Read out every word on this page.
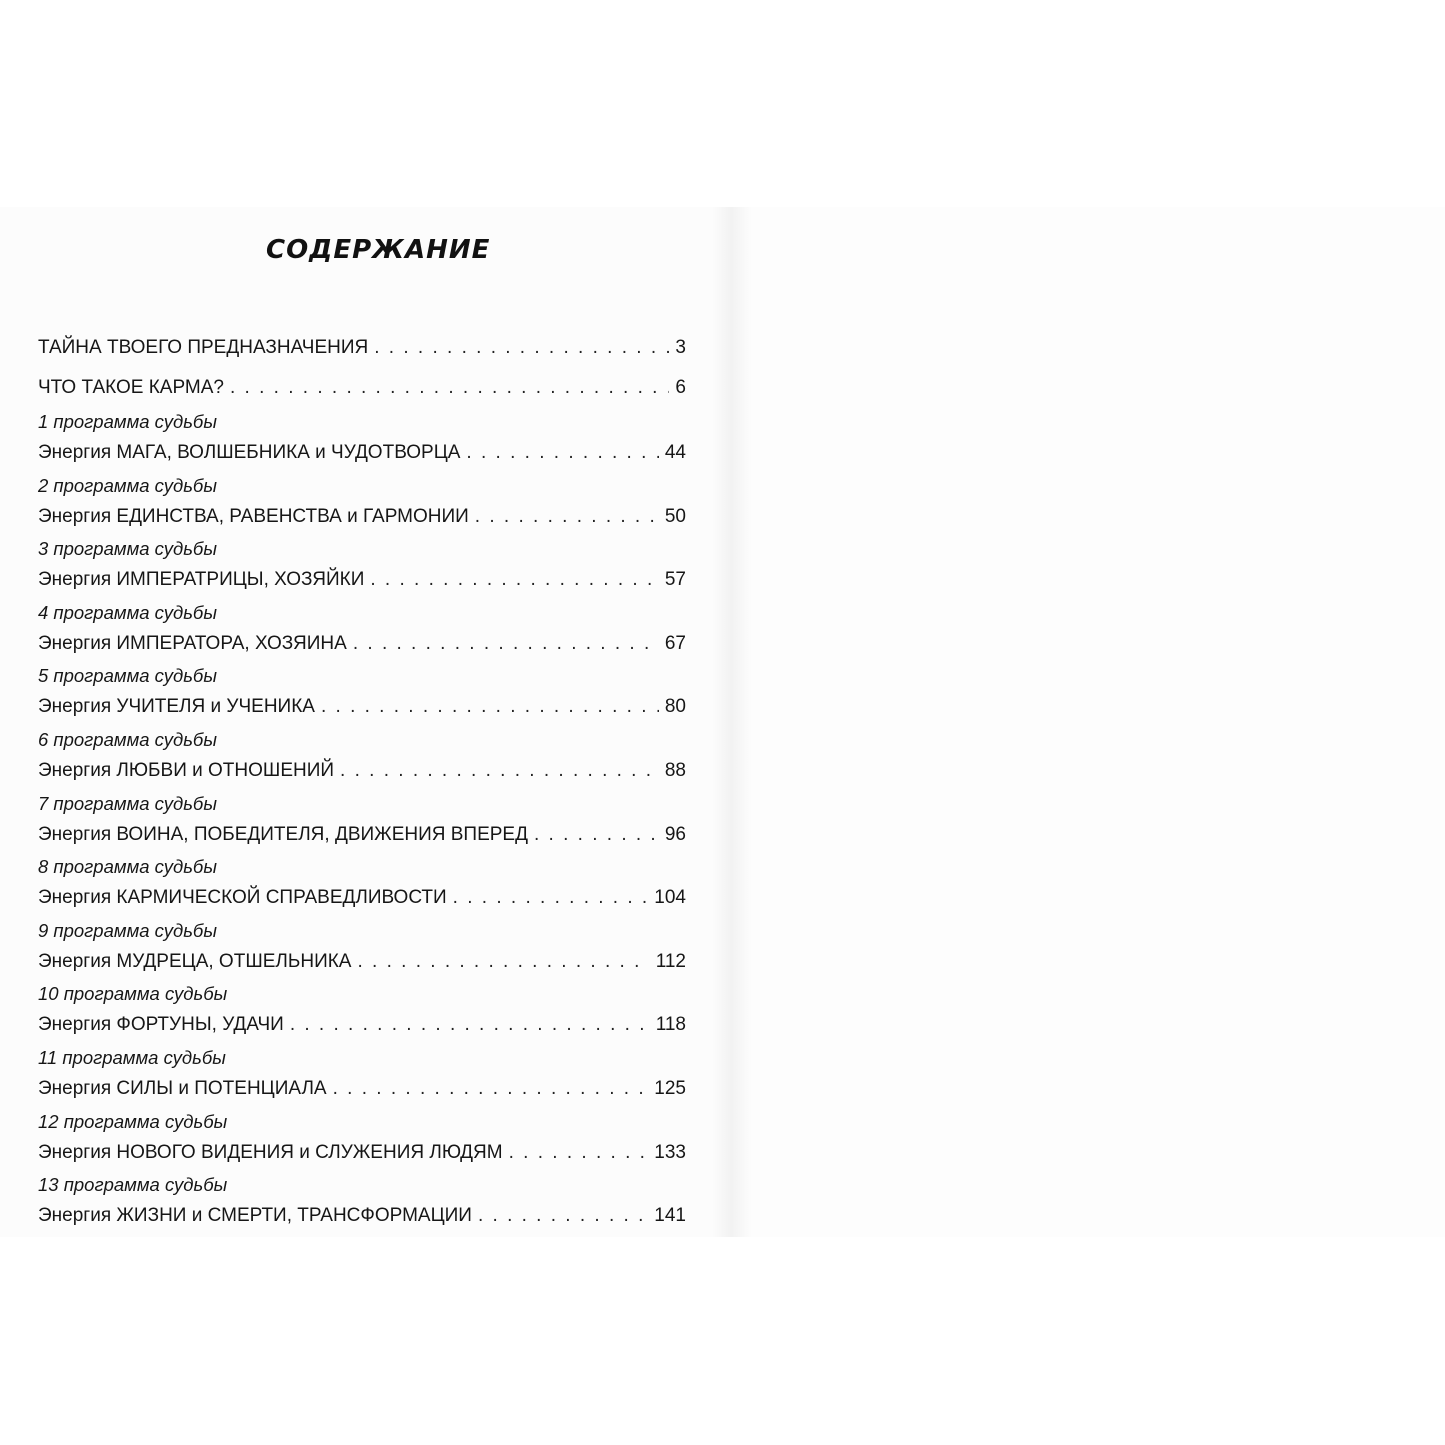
СОДЕРЖАНИЕ
ТАЙНА ТВОЕГО ПРЕДНАЗНАЧЕНИЯ . . .	3
ЧТО ТАКОЕ КАРМА? . . .	6
1 программа судьбы
Энергия МАГА, ВОЛШЕБНИКА и ЧУДОТВОРЦА . . .	44
2 программа судьбы
Энергия ЕДИНСТВА, РАВЕНСТВА и ГАРМОНИИ . . .	50
3 программа судьбы
Энергия ИМПЕРАТРИЦЫ, ХОЗЯЙКИ . . .	57
4 программа судьбы
Энергия ИМПЕРАТОРА, ХОЗЯИНА . . .	67
5 программа судьбы
Энергия УЧИТЕЛЯ и УЧЕНИКА . . .	80
6 программа судьбы
Энергия ЛЮБВИ и ОТНОШЕНИЙ . . .	88
7 программа судьбы
Энергия ВОИНА, ПОБЕДИТЕЛЯ, ДВИЖЕНИЯ ВПЕРЕД . . .	96
8 программа судьбы
Энергия КАРМИЧЕСКОЙ СПРАВЕДЛИВОСТИ . . .	104
9 программа судьбы
Энергия МУДРЕЦА, ОТШЕЛЬНИКА . . .	112
10 программа судьбы
Энергия ФОРТУНЫ, УДАЧИ . . .	118
11 программа судьбы
Энергия СИЛЫ и ПОТЕНЦИАЛА . . .	125
12 программа судьбы
Энергия НОВОГО ВИДЕНИЯ и СЛУЖЕНИЯ ЛЮДЯМ . . .	133
13 программа судьбы
Энергия ЖИЗНИ и СМЕРТИ, ТРАНСФОРМАЦИИ . . .	141
